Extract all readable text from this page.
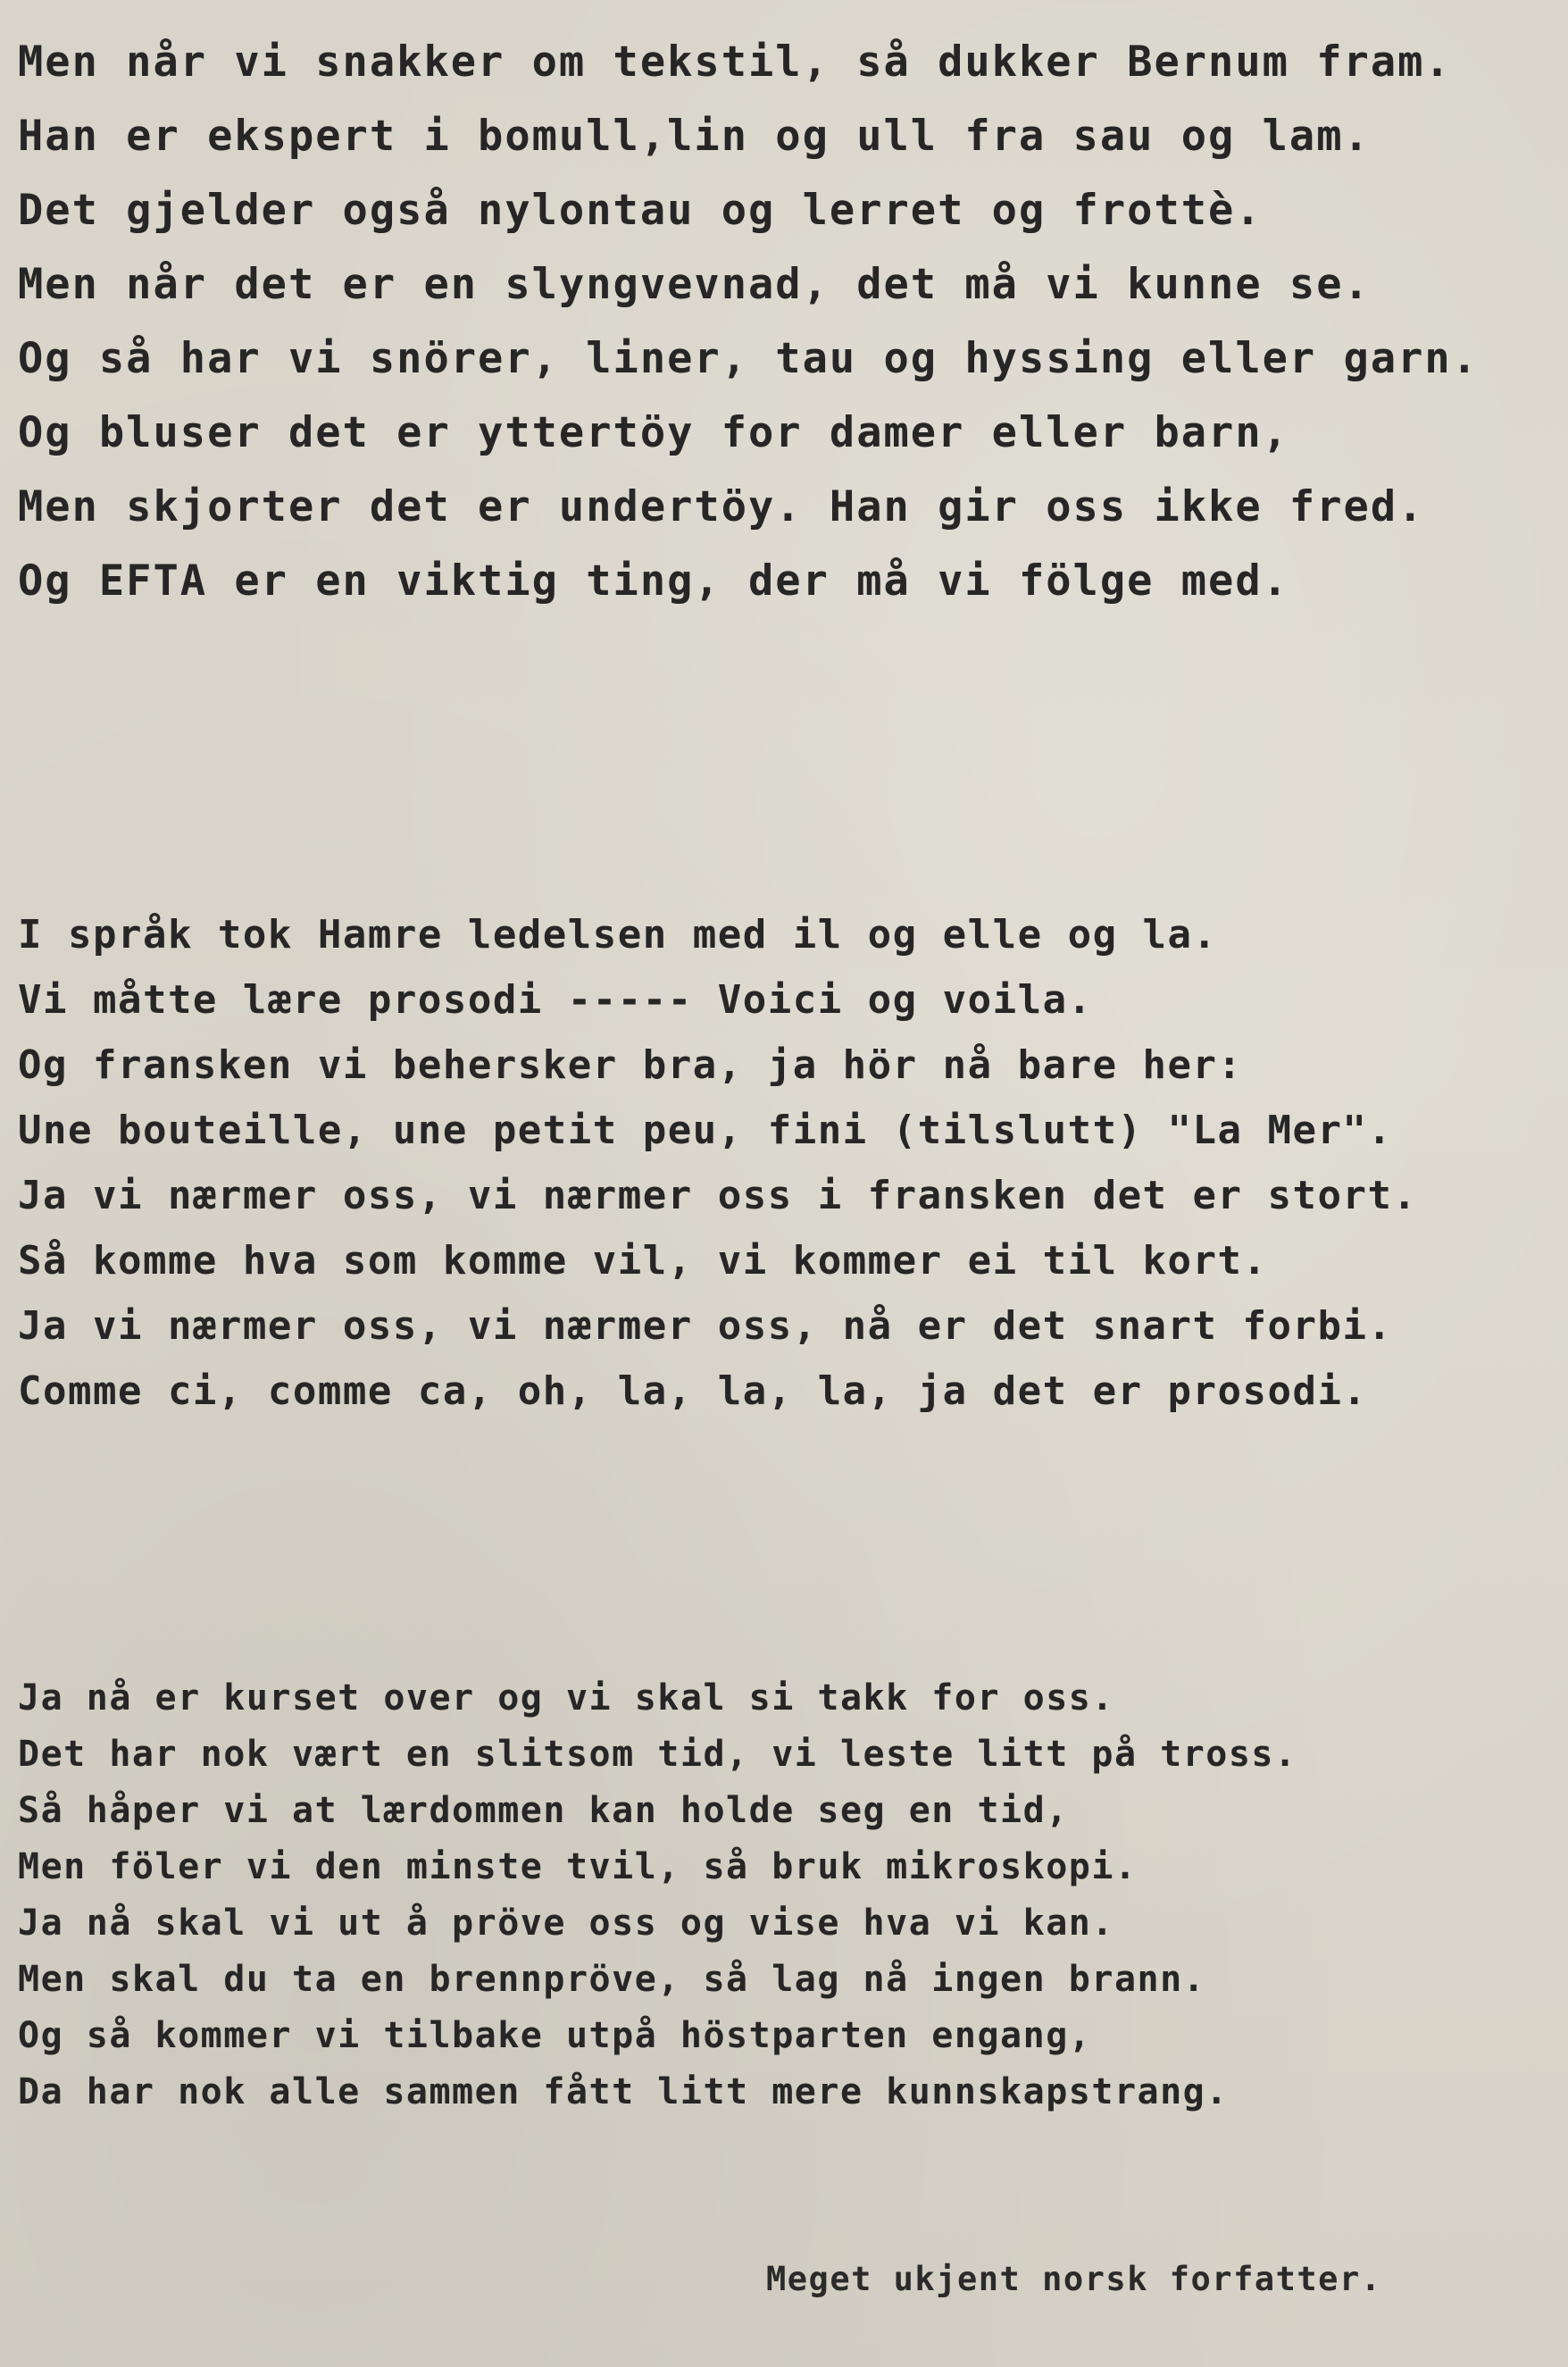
Men når vi snakker om tekstil, så dukker Bernum fram.
Han er ekspert i bomull,lin og ull fra sau og lam.
Det gjelder også nylontau og lerret og frottè.
Men når det er en slyngvevnad, det må vi kunne se.
Og så har vi snörer, liner, tau og hyssing eller garn.
Og bluser det er yttertöy for damer eller barn,
Men skjorter det er undertöy. Han gir oss ikke fred.
Og EFTA er en viktig ting, der må vi fölge med.
I språk tok Hamre ledelsen med il og elle og la.
Vi måtte lære prosodi ----- Voici og voila.
Og fransken vi behersker bra, ja hör nå bare her:
Une bouteille, une petit peu, fini (tilslutt) "La Mer".
Ja vi nærmer oss, vi nærmer oss i fransken det er stort.
Så komme hva som komme vil, vi kommer ei til kort.
Ja vi nærmer oss, vi nærmer oss, nå er det snart forbi.
Comme ci, comme ca, oh, la, la, la, ja det er prosodi.
Ja nå er kurset over og vi skal si takk for oss.
Det har nok vært en slitsom tid, vi leste litt på tross.
Så håper vi at lærdommen kan holde seg en tid,
Men föler vi den minste tvil, så bruk mikroskopi.
Ja nå skal vi ut å pröve oss og vise hva vi kan.
Men skal du ta en brennpröve, så lag nå ingen brann.
Og så kommer vi tilbake utpå höstparten engang,
Da har nok alle sammen fått litt mere kunnskapstrang.
Meget ukjent norsk forfatter.
